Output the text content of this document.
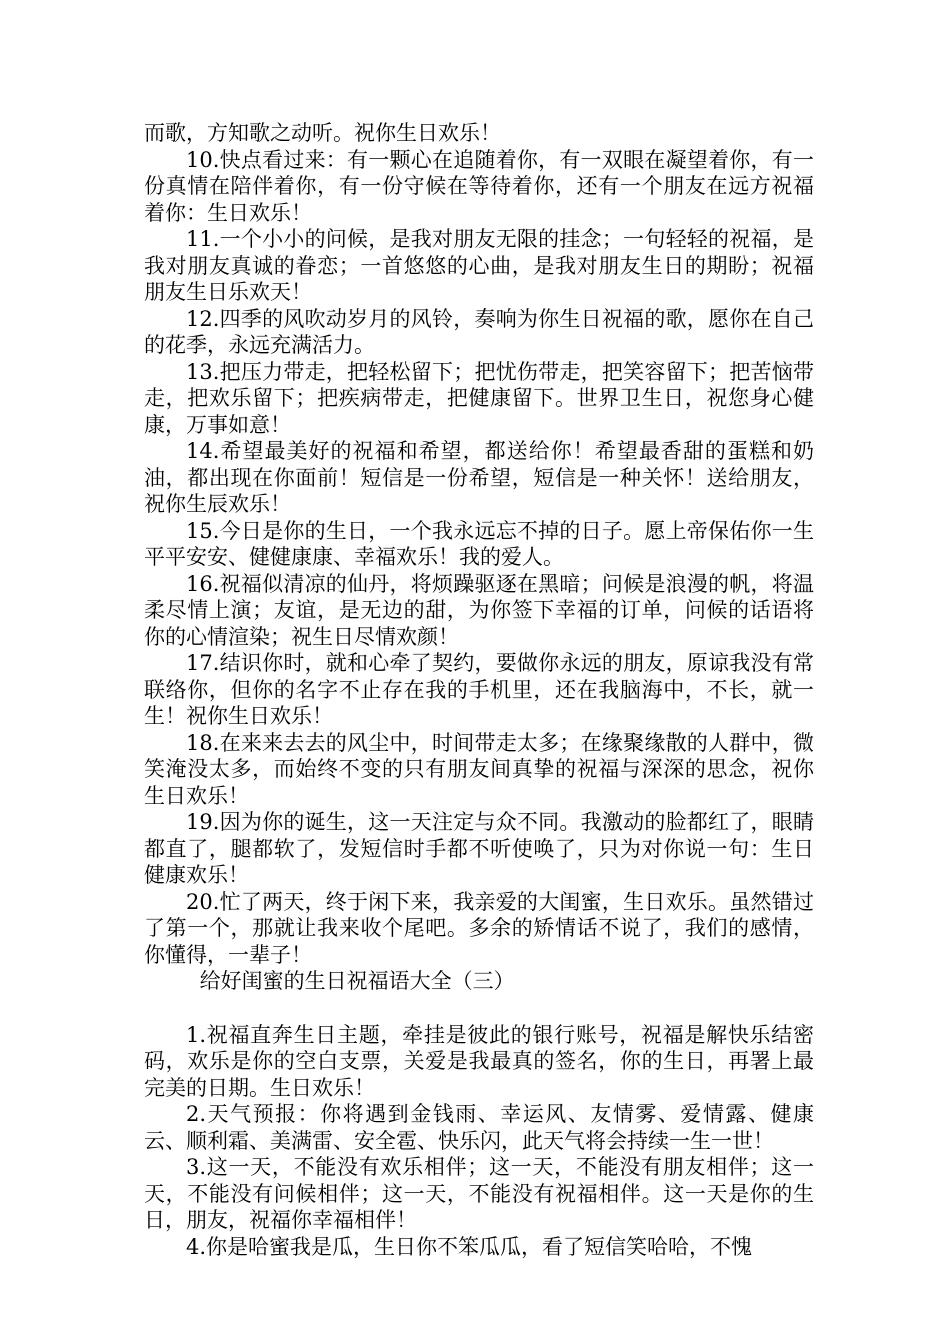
而歌，方知歌之动听。祝你生日欢乐！

10.快点看过来：有一颗心在追随着你，有一双眼在凝望着你，有一份真情在陪伴着你，有一份守候在等待着你，还有一个朋友在远方祝福着你：生日欢乐！

11.一个小小的问候，是我对朋友无限的挂念；一句轻轻的祝福，是我对朋友真诚的眷恋；一首悠悠的心曲，是我对朋友生日的期盼；祝福朋友生日乐欢天！

12.四季的风吹动岁月的风铃，奏响为你生日祝福的歌，愿你在自己的花季，永远充满活力。

13.把压力带走，把轻松留下；把忧伤带走，把笑容留下；把苦恼带走，把欢乐留下；把疾病带走，把健康留下。世界卫生日，祝您身心健康，万事如意！

14.希望最美好的祝福和希望，都送给你！希望最香甜的蛋糕和奶油，都出现在你面前！短信是一份希望，短信是一种关怀！送给朋友，祝你生辰欢乐！

15.今日是你的生日，一个我永远忘不掉的日子。愿上帝保佑你一生平平安安、健健康康、幸福欢乐！我的爱人。

16.祝福似清凉的仙丹，将烦躁驱逐在黑暗；问候是浪漫的帆，将温柔尽情上演；友谊，是无边的甜，为你签下幸福的订单，问候的话语将你的心情渲染；祝生日尽情欢颜！

17.结识你时，就和心牵了契约，要做你永远的朋友，原谅我没有常联络你，但你的名字不止存在我的手机里，还在我脑海中，不长，就一生！祝你生日欢乐！

18.在来来去去的风尘中，时间带走太多；在缘聚缘散的人群中，微笑淹没太多，而始终不变的只有朋友间真挚的祝福与深深的思念，祝你生日欢乐！

19.因为你的诞生，这一天注定与众不同。我激动的脸都红了，眼睛都直了，腿都软了，发短信时手都不听使唤了，只为对你说一句：生日健康欢乐！

20.忙了两天，终于闲下来，我亲爱的大闺蜜，生日欢乐。虽然错过了第一个，那就让我来收个尾吧。多余的矫情话不说了，我们的感情，你懂得，一辈子！

给好闺蜜的生日祝福语大全（三）

1.祝福直奔生日主题，牵挂是彼此的银行账号，祝福是解快乐结密码，欢乐是你的空白支票，关爱是我最真的签名，你的生日，再署上最完美的日期。生日欢乐！

2.天气预报：你将遇到金钱雨、幸运风、友情雾、爱情露、健康云、顺利霜、美满雷、安全雹、快乐闪，此天气将会持续一生一世！

3.这一天，不能没有欢乐相伴；这一天，不能没有朋友相伴；这一天，不能没有问候相伴；这一天，不能没有祝福相伴。这一天是你的生日，朋友，祝福你幸福相伴！

4.你是哈蜜我是瓜，生日你不笨瓜瓜，看了短信笑哈哈，不愧
